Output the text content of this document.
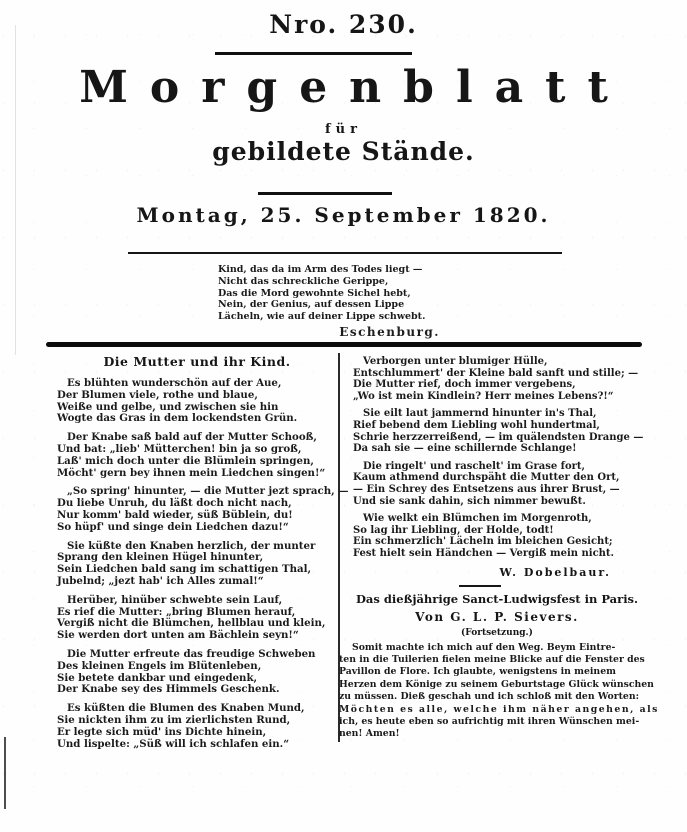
Nro. 230.
Morgenblatt
für
gebildete Stände.
Montag, 25. September 1820.
Kind, das da im Arm des Todes liegt —
Nicht das schreckliche Gerippe,
Das die Mord gewohnte Sichel hebt,
Nein, der Genius, auf dessen Lippe
Lächeln, wie auf deiner Lippe schwebt.
Eschenburg.
Die Mutter und ihr Kind.
Es blühten wunderschön auf der Aue,
Der Blumen viele, rothe und blaue,
Weiße und gelbe, und zwischen sie hin
Wogte das Gras in dem lockendsten Grün.
Der Knabe saß bald auf der Mutter Schooß,
Und bat: „lieb' Mütterchen! bin ja so groß,
Laß' mich doch unter die Blümlein springen,
Möcht' gern bey ihnen mein Liedchen singen!“
„So spring' hinunter, — die Mutter jezt sprach, —
Du liebe Unruh, du läßt doch nicht nach,
Nur komm' bald wieder, süß Büblein, du!
So hüpf' und singe dein Liedchen dazu!“
Sie küßte den Knaben herzlich, der munter
Sprang den kleinen Hügel hinunter,
Sein Liedchen bald sang im schattigen Thal,
Jubelnd; „jezt hab' ich Alles zumal!“
Herüber, hinüber schwebte sein Lauf,
Es rief die Mutter: „bring Blumen herauf,
Vergiß nicht die Blümchen, hellblau und klein,
Sie werden dort unten am Bächlein seyn!“
Die Mutter erfreute das freudige Schweben
Des kleinen Engels im Blütenleben,
Sie betete dankbar und eingedenk,
Der Knabe sey des Himmels Geschenk.
Es küßten die Blumen des Knaben Mund,
Sie nickten ihm zu im zierlichsten Rund,
Er legte sich müd' ins Dichte hinein,
Und lispelte: „Süß will ich schlafen ein.“
Verborgen unter blumiger Hülle,
Entschlummert' der Kleine bald sanft und stille; —
Die Mutter rief, doch immer vergebens,
„Wo ist mein Kindlein? Herr meines Lebens?!“
Sie eilt laut jammernd hinunter in's Thal,
Rief bebend dem Liebling wohl hundertmal,
Schrie herzzerreißend, — im quälendsten Drange —
Da sah sie — eine schillernde Schlange!
Die ringelt' und raschelt' im Grase fort,
Kaum athmend durchspäht die Mutter den Ort,
— Ein Schrey des Entsetzens aus ihrer Brust, —
Und sie sank dahin, sich nimmer bewußt.
Wie welkt ein Blümchen im Morgenroth,
So lag ihr Liebling, der Holde, todt!
Ein schmerzlich' Lächeln im bleichen Gesicht;
Fest hielt sein Händchen — Vergiß mein nicht.
W. Dobelbaur.
Das dießjährige Sanct-Ludwigsfest in Paris.
Von G. L. P. Sievers.
(Fortsetzung.)
Somit machte ich mich auf den Weg. Beym Eintre-
ten in die Tuilerien fielen meine Blicke auf die Fenster des
Pavillon de Flore. Ich glaubte, wenigstens in meinem
Herzen dem Könige zu seinem Geburtstage Glück wünschen
zu müssen. Dieß geschah und ich schloß mit den Worten:
Möchten es alle, welche ihm näher angehen, als
ich, es heute eben so aufrichtig mit ihren Wünschen mei-
nen! Amen!
